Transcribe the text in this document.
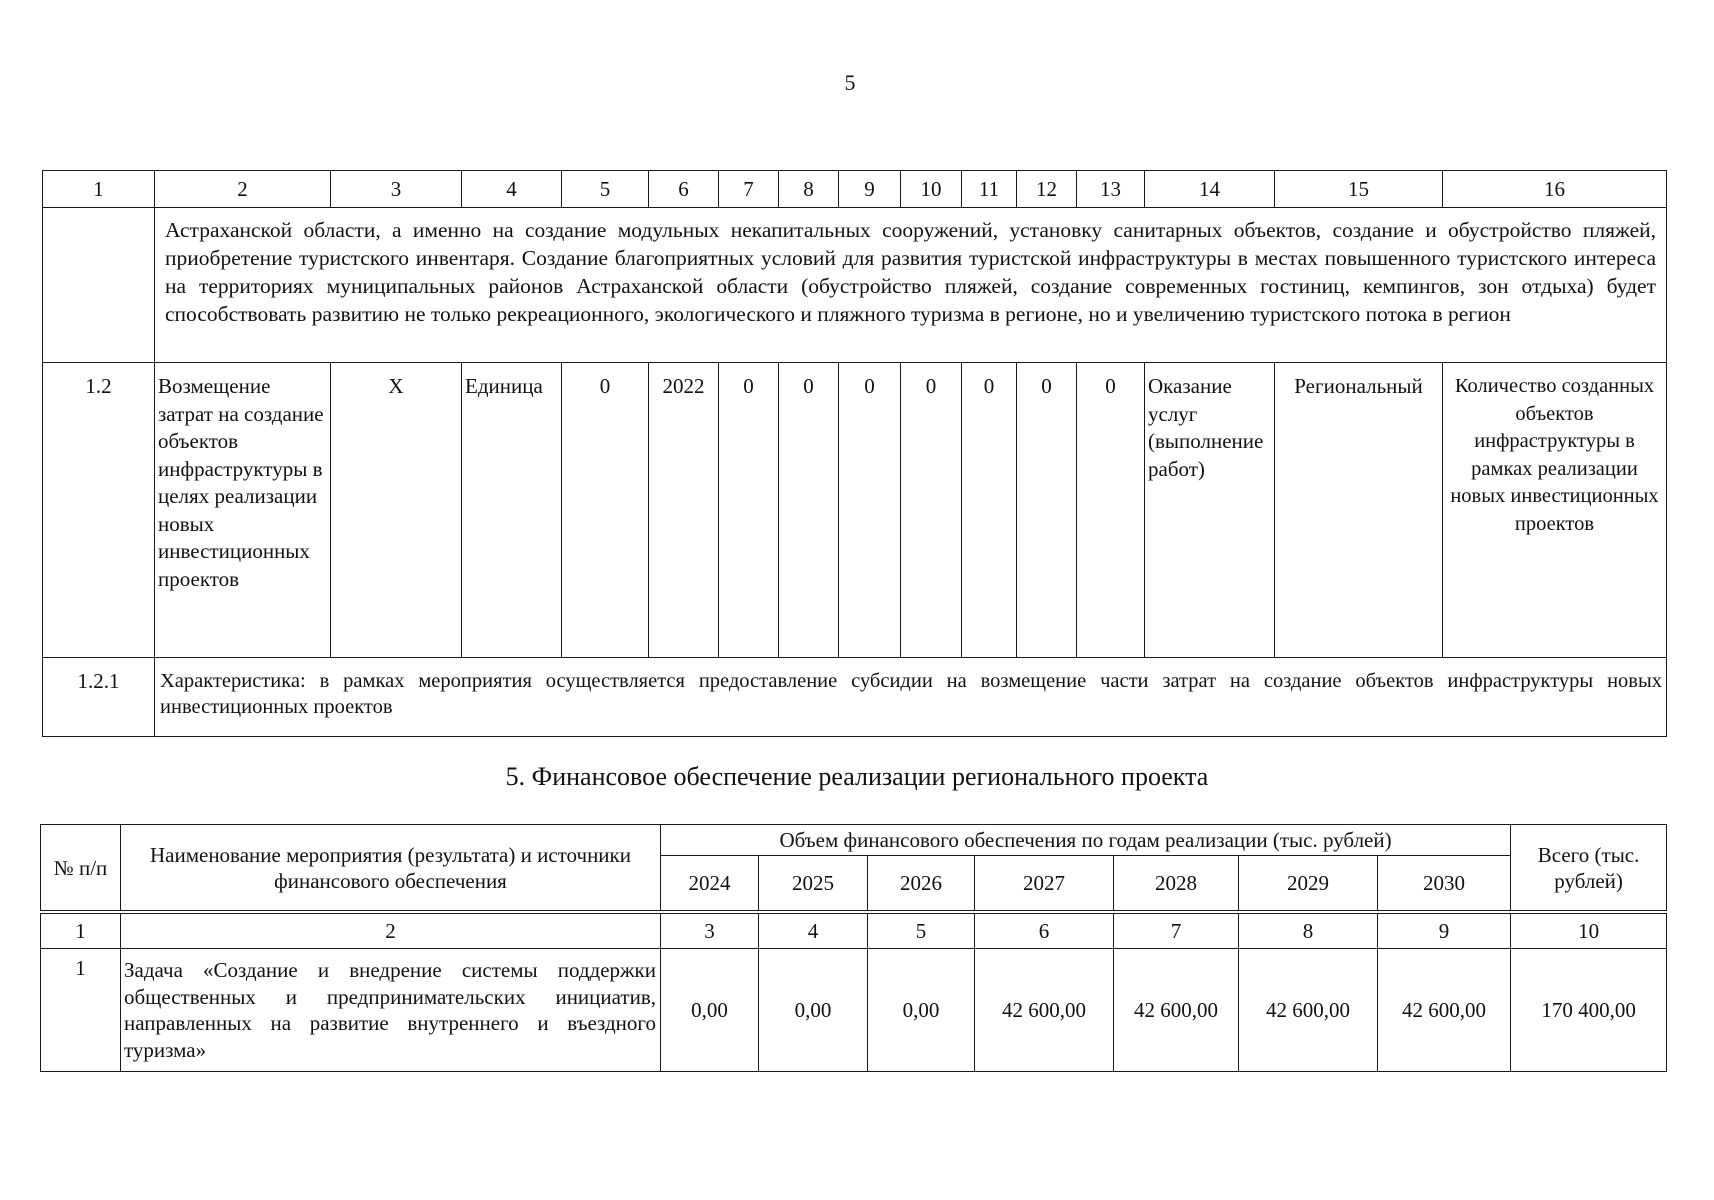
5
1	2	3	4	5	6	7	8	9	10	11	12	13	14	15	16
	Астраханской области, а именно на создание модульных некапитальных сооружений, установку санитарных объектов, создание и обустройство пляжей, приобретение туристского инвентаря. Создание благоприятных условий для развития туристской инфраструктуры в местах повышенного туристского интереса на территориях муниципальных районов Астраханской области (обустройство пляжей, создание современных гостиниц, кемпингов, зон отдыха) будет способствовать развитию не только рекреационного, экологического и пляжного туризма в регионе, но и увеличению туристского потока в регион														
1.2	Возмещение затрат на создание объектов инфраструктуры в целях реализации новых инвестиционных проектов	Х	Единица	0	2022	0	0	0	0	0	0	0	Оказание услуг (выполнение работ)	Региональный	Количество созданных объектов инфраструктуры в рамках реализации новых инвестиционных проектов
1.2.1	Характеристика: в рамках мероприятия осуществляется предоставление субсидии на возмещение части затрат на создание объектов инфраструктуры новых инвестиционных проектов														
5. Финансовое обеспечение реализации регионального проекта
№ п/п	Наименование мероприятия (результата) и источники финансового обеспечения	Объем финансового обеспечения по годам реализации (тыс. рублей)							Всего (тыс. рублей)
		2024	2025	2026	2027	2028	2029	2030	
1	2	3	4	5	6	7	8	9	10
1	Задача «Создание и внедрение системы поддержки общественных и предпринимательских инициатив, направленных на развитие внутреннего и въездного туризма»	0,00	0,00	0,00	42 600,00	42 600,00	42 600,00	42 600,00	170 400,00
